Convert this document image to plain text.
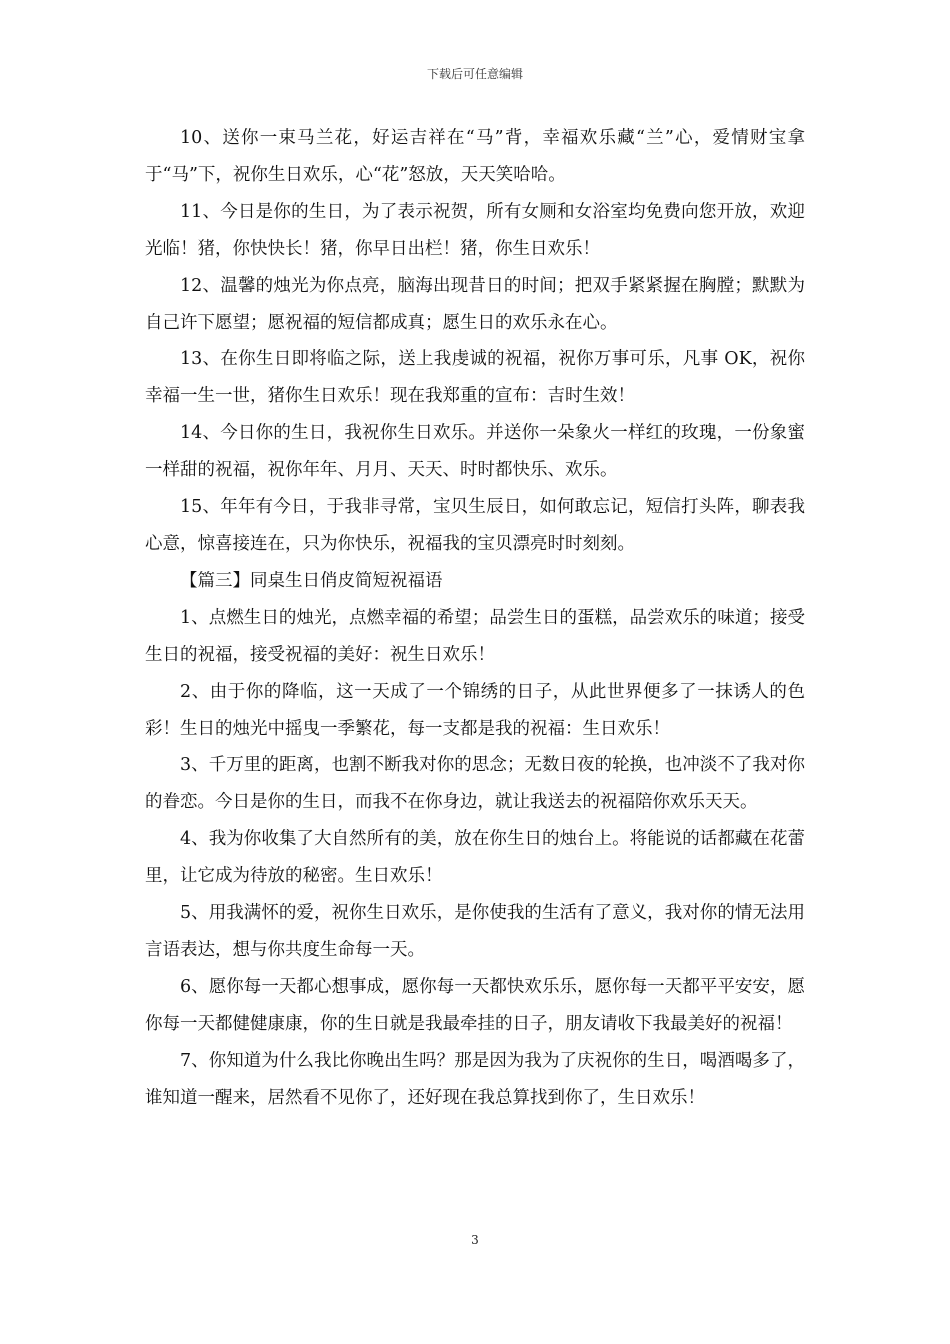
下载后可任意编辑

10、送你一束马兰花，好运吉祥在“马”背，幸福欢乐藏“兰”心，爱情财宝拿于“马”下，祝你生日欢乐，心“花”怒放，天天笑哈哈。

11、今日是你的生日，为了表示祝贺，所有女厕和女浴室均免费向您开放，欢迎光临！猪，你快快长！猪，你早日出栏！猪，你生日欢乐！

12、温馨的烛光为你点亮，脑海出现昔日的时间；把双手紧紧握在胸膛；默默为自己许下愿望；愿祝福的短信都成真；愿生日的欢乐永在心。

13、在你生日即将临之际，送上我虔诚的祝福，祝你万事可乐，凡事 OK，祝你幸福一生一世，猪你生日欢乐！现在我郑重的宣布：吉时生效！

14、今日你的生日，我祝你生日欢乐。并送你一朵象火一样红的玫瑰，一份象蜜一样甜的祝福，祝你年年、月月、天天、时时都快乐、欢乐。

15、年年有今日，于我非寻常，宝贝生辰日，如何敢忘记，短信打头阵，聊表我心意，惊喜接连在，只为你快乐，祝福我的宝贝漂亮时时刻刻。

【篇三】同桌生日俏皮简短祝福语

1、点燃生日的烛光，点燃幸福的希望；品尝生日的蛋糕，品尝欢乐的味道；接受生日的祝福，接受祝福的美好：祝生日欢乐！

2、由于你的降临，这一天成了一个锦绣的日子，从此世界便多了一抹诱人的色彩！生日的烛光中摇曳一季繁花，每一支都是我的祝福：生日欢乐！

3、千万里的距离，也割不断我对你的思念；无数日夜的轮换，也冲淡不了我对你的眷恋。今日是你的生日，而我不在你身边，就让我送去的祝福陪你欢乐天天。

4、我为你收集了大自然所有的美，放在你生日的烛台上。将能说的话都藏在花蕾里，让它成为待放的秘密。生日欢乐！

5、用我满怀的爱，祝你生日欢乐，是你使我的生活有了意义，我对你的情无法用言语表达，想与你共度生命每一天。

6、愿你每一天都心想事成，愿你每一天都快欢乐乐，愿你每一天都平平安安，愿你每一天都健健康康，你的生日就是我最牵挂的日子，朋友请收下我最美好的祝福！

7、你知道为什么我比你晚出生吗？那是因为我为了庆祝你的生日，喝酒喝多了，谁知道一醒来，居然看不见你了，还好现在我总算找到你了，生日欢乐！

3
